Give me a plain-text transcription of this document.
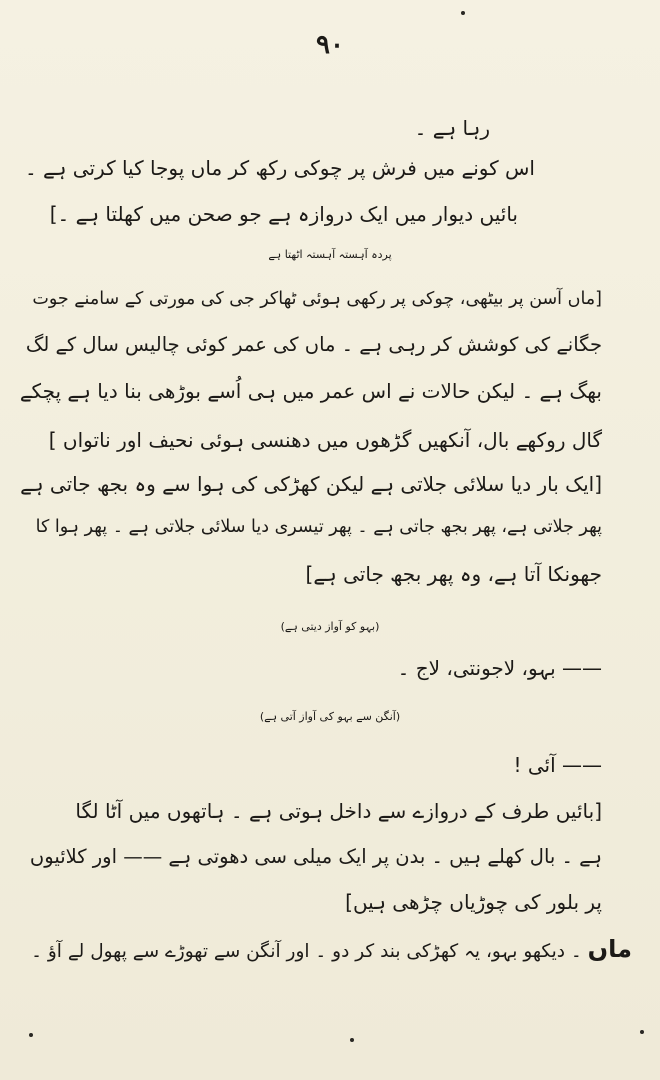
٩٠
رہا ہے ۔
اس کونے میں فرش پر چوکی رکھ کر ماں پوجا کیا کرتی ہے ۔
بائیں دیوار میں ایک دروازہ ہے جو صحن میں کھلتا ہے ۔]
پردہ آہستہ آہستہ اٹھتا ہے
[ماں آسن پر بیٹھی، چوکی پر رکھی ہوئی ٹھاکر جی کی مورتی کے سامنے جوت
جگانے کی کوشش کر رہی ہے ۔ ماں کی عمر کوئی چالیس سال کے لگ
بھگ ہے ۔ لیکن حالات نے اس عمر میں ہی اُسے بوڑھی بنا دیا ہے پچکے
گال روکھے بال، آنکھیں گڑھوں میں دھنسی ہوئی نحیف اور ناتواں ]
[ایک بار دیا سلائی جلاتی ہے لیکن کھڑکی کی ہوا سے وہ بجھ جاتی ہے
پھر جلاتی ہے، پھر بجھ جاتی ہے ۔ پھر تیسری دیا سلائی جلاتی ہے ۔ پھر ہوا کا
جھونکا آتا ہے، وہ پھر بجھ جاتی ہے]
(بہو کو آواز دیتی ہے)
—— بہو، لاجونتی، لاج ۔
(آنگن سے بہو کی آواز آتی ہے)
—— آئی !
[بائیں طرف کے دروازے سے داخل ہوتی ہے ۔ ہاتھوں میں آٹا لگا
ہے ۔ بال کھلے ہیں ۔ بدن پر ایک میلی سی دھوتی ہے —— اور کلائیوں
پر بلور کی چوڑیاں چڑھی ہیں]
ماں ۔ دیکھو بہو، یہ کھڑکی بند کر دو ۔ اور آنگن سے تھوڑے سے پھول لے آؤ ۔
